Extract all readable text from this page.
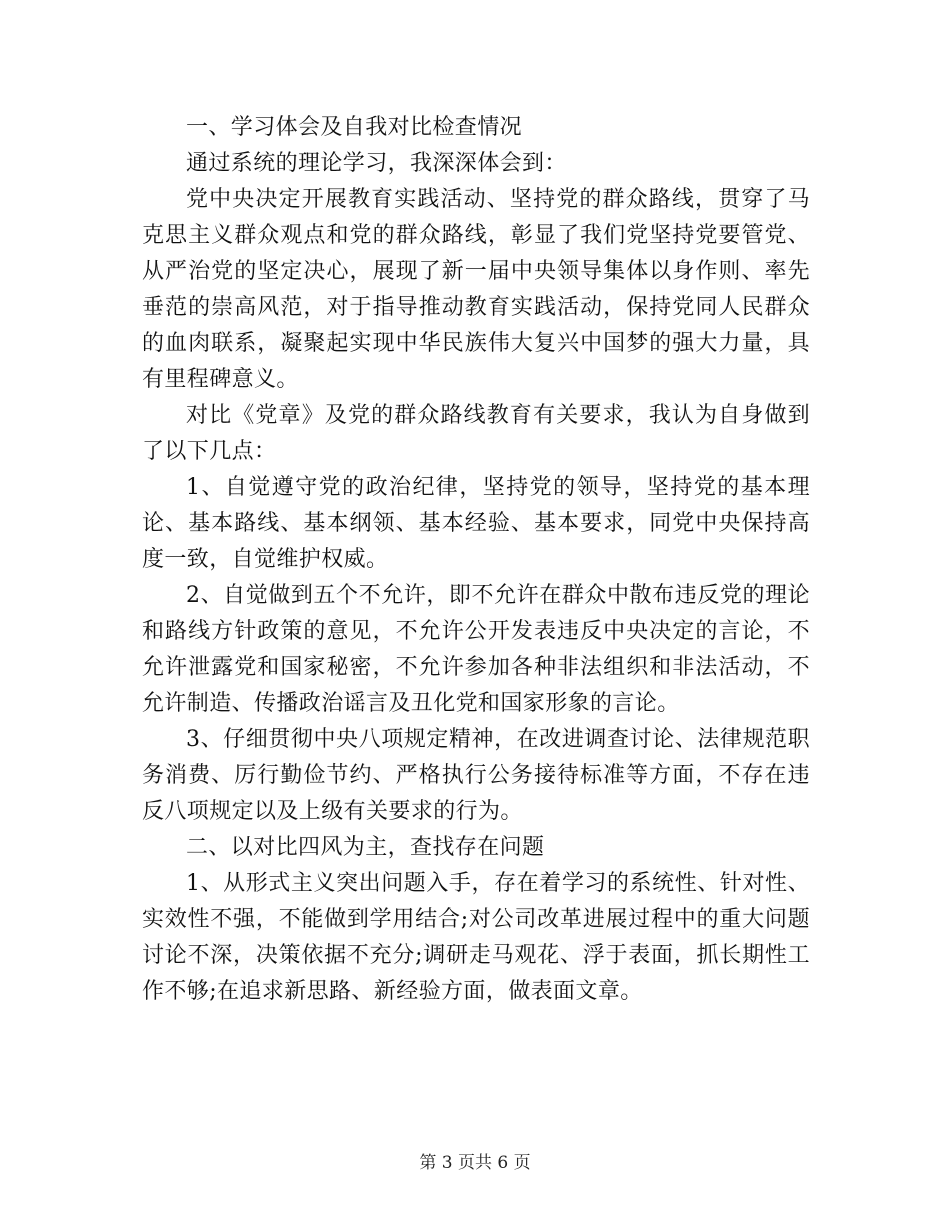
一、学习体会及自我对比检查情况

通过系统的理论学习，我深深体会到：

党中央决定开展教育实践活动、坚持党的群众路线，贯穿了马克思主义群众观点和党的群众路线，彰显了我们党坚持党要管党、从严治党的坚定决心，展现了新一届中央领导集体以身作则、率先垂范的崇高风范，对于指导推动教育实践活动，保持党同人民群众的血肉联系，凝聚起实现中华民族伟大复兴中国梦的强大力量，具有里程碑意义。

对比《党章》及党的群众路线教育有关要求，我认为自身做到了以下几点：

1、自觉遵守党的政治纪律，坚持党的领导，坚持党的基本理论、基本路线、基本纲领、基本经验、基本要求，同党中央保持高度一致，自觉维护权威。

2、自觉做到五个不允许，即不允许在群众中散布违反党的理论和路线方针政策的意见，不允许公开发表违反中央决定的言论，不允许泄露党和国家秘密，不允许参加各种非法组织和非法活动，不允许制造、传播政治谣言及丑化党和国家形象的言论。

3、仔细贯彻中央八项规定精神，在改进调查讨论、法律规范职务消费、厉行勤俭节约、严格执行公务接待标准等方面，不存在违反八项规定以及上级有关要求的行为。

二、以对比四风为主，查找存在问题

1、从形式主义突出问题入手，存在着学习的系统性、针对性、实效性不强，不能做到学用结合;对公司改革进展过程中的重大问题讨论不深，决策依据不充分;调研走马观花、浮于表面，抓长期性工作不够;在追求新思路、新经验方面，做表面文章。

第 3 页共 6 页
